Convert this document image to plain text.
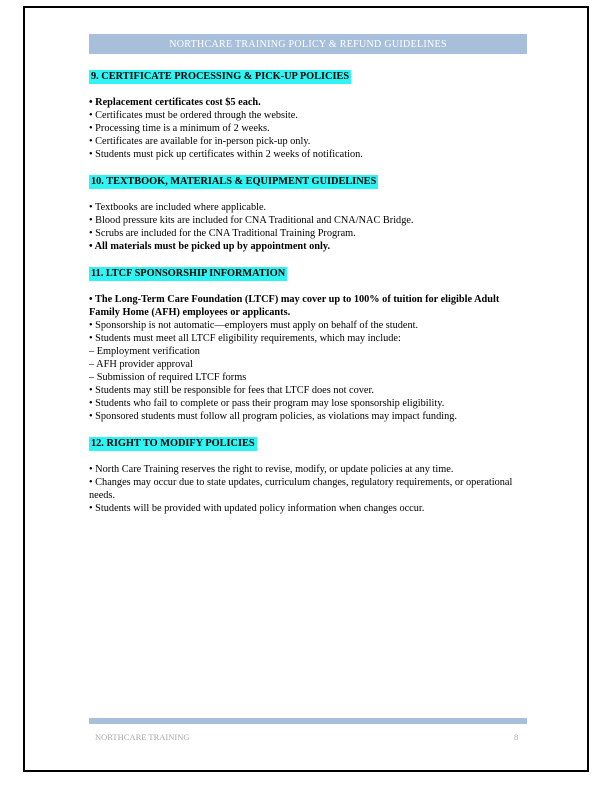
NORTHCARE TRAINING POLICY & REFUND GUIDELINES
9. CERTIFICATE PROCESSING & PICK-UP POLICIES
• Replacement certificates cost $5 each.
• Certificates must be ordered through the website.
• Processing time is a minimum of 2 weeks.
• Certificates are available for in-person pick-up only.
• Students must pick up certificates within 2 weeks of notification.
10. TEXTBOOK, MATERIALS & EQUIPMENT GUIDELINES
• Textbooks are included where applicable.
• Blood pressure kits are included for CNA Traditional and CNA/NAC Bridge.
• Scrubs are included for the CNA Traditional Training Program.
• All materials must be picked up by appointment only.
11. LTCF SPONSORSHIP INFORMATION
• The Long-Term Care Foundation (LTCF) may cover up to 100% of tuition for eligible Adult Family Home (AFH) employees or applicants.
• Sponsorship is not automatic—employers must apply on behalf of the student.
• Students must meet all LTCF eligibility requirements, which may include:
– Employment verification
– AFH provider approval
– Submission of required LTCF forms
• Students may still be responsible for fees that LTCF does not cover.
• Students who fail to complete or pass their program may lose sponsorship eligibility.
• Sponsored students must follow all program policies, as violations may impact funding.
12. RIGHT TO MODIFY POLICIES
• North Care Training reserves the right to revise, modify, or update policies at any time.
• Changes may occur due to state updates, curriculum changes, regulatory requirements, or operational needs.
• Students will be provided with updated policy information when changes occur.
NORTHCARE TRAINING	8
